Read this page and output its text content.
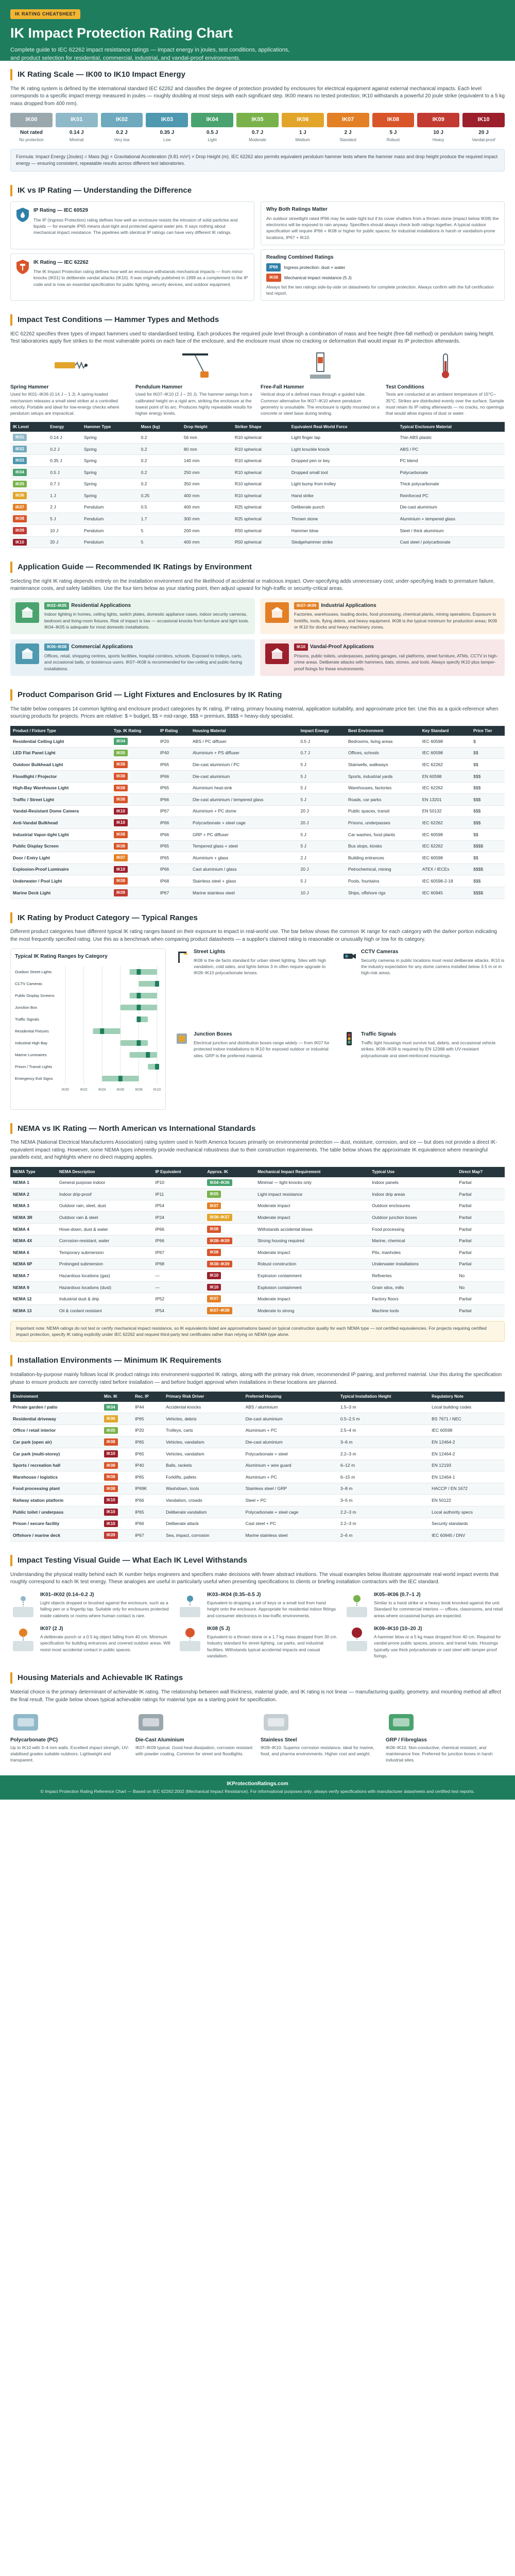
IK RATING CHEATSHEET
IK Impact Protection Rating Chart

Complete guide to IEC 62262 impact resistance ratings — impact energy in joules, test conditions, applications, and product selection for residential, commercial, industrial, and vandal-proof environments.

IK Rating Scale — IK00 to IK10 Impact Energy

The IK rating system is defined by the international standard IEC 62262 and classifies the degree of protection provided by enclosures for electrical equipment against external mechanical impacts. Each level corresponds to a specific impact energy measured in joules — roughly doubling at most steps with each significant step. IK00 means no tested protection; IK10 withstands a powerful 20 joule strike (equivalent to a 5 kg mass dropped from 400 mm).

IK00
Not rated
No protection
IK01
0.14 J
Minimal
IK02
0.2 J
Very low
IK03
0.35 J
Low
IK04
0.5 J
Light
IK05
0.7 J
Moderate
IK06
1 J
Medium
IK07
2 J
Standard
IK08
5 J
Robust
IK09
10 J
Heavy
IK10
20 J
Vandal-proof
Formula: Impact Energy (Joules) = Mass (kg) × Gravitational Acceleration (9.81 m/s²) × Drop Height (m). IEC 62262 also permits equivalent pendulum hammer tests where the hammer mass and drop height produce the required impact energy — ensuring consistent, repeatable results across different test laboratories.
IK vs IP Rating — Understanding the Difference
IP Rating — IEC 60529

The IP (Ingress Protection) rating defines how well an enclosure resists the intrusion of solid particles and liquids — for example IP65 means dust-tight and protected against water jets. It says nothing about mechanical impact resistance. The pipelines with identical IP ratings can have very different IK ratings.

IK Rating — IEC 62262

The IK Impact Protection rating defines how well an enclosure withstands mechanical impacts — from minor knocks (IK01) to deliberate vandal attacks (IK10). It was originally published in 1999 as a complement to the IP code and is now an essential specification for public lighting, security devices, and outdoor equipment.

Why Both Ratings Matter

An outdoor streetlight rated IP66 may be water-tight but if its cover shatters from a thrown stone (impact below IK08) the electronics will be exposed to rain anyway. Specifiers should always check both ratings together. A typical outdoor specification will require IP66 + IK08 or higher for public spaces; for industrial installations in harsh or vandalism-prone locations, IP67 + IK10.

Reading Combined Ratings
IP66	Ingress protection: dust + water
IK08	Mechanical impact resistance (5 J)

Always list the two ratings side-by-side on datasheets for complete protection. Always confirm with the full certification test report.

Impact Test Conditions — Hammer Types and Methods

IEC 62262 specifies three types of impact hammers used to standardised testing. Each produces the required joule level through a combination of mass and free height (free-fall method) or pendulum swing height. Test laboratories apply five strikes to the most vulnerable points on each face of the enclosure, and the enclosure must show no cracking or deformation that would impair its IP protection afterwards.

Spring Hammer

Used for IK01–IK06 (0.14 J – 1 J). A spring-loaded mechanism releases a small steel striker at a controlled velocity. Portable and ideal for low-energy checks where pendulum setups are impractical.

Pendulum Hammer

Used for IK07–IK10 (2 J – 20 J). The hammer swings from a calibrated height on a rigid arm, striking the enclosure at the lowest point of its arc. Produces highly repeatable results for higher energy levels.

Free-Fall Hammer

Vertical drop of a defined mass through a guided tube. Common alternative for IK07–IK10 where pendulum geometry is unsuitable. The enclosure is rigidly mounted on a concrete or steel base during testing.

Test Conditions

Tests are conducted at an ambient temperature of 15°C–35°C. Strikes are distributed evenly over the surface. Sample must retain its IP rating afterwards — no cracks, no openings that would allow ingress of dust or water.

IK Level	Energy	Hammer Type	Mass (kg)	Drop Height	Striker Shape	Equivalent Real-World Force	Typical Enclosure Material
IK01	0.14 J	Spring	0.2	56 mm	R10 spherical	Light finger tap	Thin ABS plastic
IK02	0.2 J	Spring	0.2	80 mm	R10 spherical	Light knuckle knock	ABS / PC
IK03	0.35 J	Spring	0.2	140 mm	R10 spherical	Dropped pen or key	PC blend
IK04	0.5 J	Spring	0.2	250 mm	R10 spherical	Dropped small tool	Polycarbonate
IK05	0.7 J	Spring	0.2	350 mm	R10 spherical	Light bump from trolley	Thick polycarbonate
IK06	1 J	Spring	0.25	400 mm	R10 spherical	Hand strike	Reinforced PC
IK07	2 J	Pendulum	0.5	400 mm	R25 spherical	Deliberate punch	Die-cast aluminium
IK08	5 J	Pendulum	1.7	300 mm	R25 spherical	Thrown stone	Aluminium + tempered glass
IK09	10 J	Pendulum	5	200 mm	R50 spherical	Hammer blow	Steel / thick aluminium
IK10	20 J	Pendulum	5	400 mm	R50 spherical	Sledgehammer strike	Cast steel / polycarbonate
Application Guide — Recommended IK Ratings by Environment

Selecting the right IK rating depends entirely on the installation environment and the likelihood of accidental or malicious impact. Over-specifying adds unnecessary cost; under-specifying leads to premature failure, maintenance costs, and safety liabilities. Use the four tiers below as your starting point, then adjust upward for high-traffic or security-critical areas.

IK02–IK05 Residential Applications

Indoor lighting in homes, ceiling lights, switch plates, domestic appliance cases, indoor security cameras, bedroom and living-room fixtures. Risk of impact is low — occasional knocks from furniture and light tools. IK04–IK05 is adequate for most domestic installations.

IK07–IK09 Industrial Applications

Factories, warehouses, loading docks, food processing, chemical plants, mining operations. Exposure to forklifts, tools, flying debris, and heavy equipment. IK08 is the typical minimum for production areas; IK09 or IK10 for docks and heavy machinery zones.

IK06–IK08 Commercial Applications

Offices, retail, shopping centres, sports facilities, hospital corridors, schools. Exposed to trolleys, carts, and occasional balls, or boisterous users. IK07–IK08 is recommended for low-ceiling and public-facing installations.

IK10 Vandal-Proof Applications

Prisons, public toilets, underpasses, parking garages, rail platforms, street furniture, ATMs, CCTV in high-crime areas. Deliberate attacks with hammers, bats, stones, and tools. Always specify IK10 plus tamper-proof fixings for these environments.

Product Comparison Grid — Light Fixtures and Enclosures by IK Rating

The table below compares 14 common lighting and enclosure product categories by IK rating, IP rating, primary housing material, application suitability, and approximate price tier. Use this as a quick-reference when sourcing products for projects. Prices are relative: $ = budget, $$ = mid-range, $$$ = premium, $$$$ = heavy-duty specialist.

Product / Fixture Type	Typ. IK Rating	IP Rating	Housing Material	Impact Energy	Best Environment	Key Standard	Price Tier
Residential Ceiling Light	IK04	IP20	ABS / PC diffuser	0.5 J	Bedrooms, living areas	IEC 60598	$
LED Flat Panel Light	IK05	IP40	Aluminium + PS diffuser	0.7 J	Offices, schools	IEC 60598	$$
Outdoor Bulkhead Light	IK08	IP65	Die-cast aluminium / PC	5 J	Stairwells, walkways	IEC 62262	$$
Floodlight / Projector	IK08	IP66	Die-cast aluminium	5 J	Sports, industrial yards	EN 60598	$$$
High-Bay Warehouse Light	IK08	IP65	Aluminium heat-sink	5 J	Warehouses, factories	IEC 62262	$$$
Traffic / Street Light	IK08	IP66	Die-cast aluminium / tempered glass	5 J	Roads, car parks	EN 13201	$$$
Vandal-Resistant Dome Camera	IK10	IP67	Aluminium + PC dome	20 J	Public spaces, transit	EN 50132	$$$
Anti-Vandal Bulkhead	IK10	IP66	Polycarbonate + steel cage	20 J	Prisons, underpasses	IEC 62262	$$$
Industrial Vapor-tight Light	IK08	IP66	GRP + PC diffuser	5 J	Car washes, food plants	IEC 60598	$$
Public Display Screen	IK08	IP65	Tempered glass + steel	5 J	Bus stops, kiosks	IEC 62262	$$$$
Door / Entry Light	IK07	IP65	Aluminium + glass	2 J	Building entrances	IEC 60598	$$
Explosion-Proof Luminaire	IK10	IP66	Cast aluminium / glass	20 J	Petrochemical, mining	ATEX / IECEx	$$$$
Underwater / Pool Light	IK08	IP68	Stainless steel + glass	5 J	Pools, fountains	IEC 60598-2-18	$$$
Marine Deck Light	IK09	IP67	Marine stainless steel	10 J	Ships, offshore rigs	IEC 60945	$$$$
IK Rating by Product Category — Typical Ranges

Different product categories have different typical IK rating ranges based on their exposure to impact in real-world use. The bar below shows the common IK range for each category with the darker portion indicating the most frequently specified rating. Use this as a benchmark when comparing product datasheets — a supplier's claimed rating is reasonable or unusually high or low for its category.

Typical IK Rating Ranges by Category
IK00	IK02	IK04	IK06	IK08	IK10
Outdoor Street Lights
CCTV Cameras
Public Display Screens
Junction Box
Traffic Signals
Residential Fixtures
Industrial High Bay
Marine Luminaires
Prison / Transit Lights
Emergency Exit Signs
Street Lights

IK08 is the de facto standard for urban street lighting. Sites with high vandalism, cold sides, and lights below 3 m often require upgrade to IK09–IK10 polycarbonate lenses.

CCTV Cameras

Security cameras in public locations must resist deliberate attacks. IK10 is the industry expectation for any dome camera installed below 3.5 m or in high-risk areas.

Junction Boxes

Electrical junction and distribution boxes range widely — from IK07 for protected indoor installations to IK10 for exposed outdoor or industrial sites. GRP is the preferred material.

Traffic Signals

Traffic light housings must survive hail, debris, and occasional vehicle strikes. IK08–IK09 is required by EN 12368 with UV-resistant polycarbonate and steel-reinforced mountings.

NEMA vs IK Rating — North American vs International Standards

The NEMA (National Electrical Manufacturers Association) rating system used in North America focuses primarily on environmental protection — dust, moisture, corrosion, and ice — but does not provide a direct IK-equivalent impact rating. However, some NEMA types inherently provide mechanical robustness due to their construction requirements. The table below shows the approximate IK equivalence where meaningful parallels exist, and highlights where no direct mapping applies.

NEMA Type	NEMA Description	IP Equivalent	Approx. IK	Mechanical Impact Requirement	Typical Use	Direct Map?
NEMA 1	General purpose indoor	IP10	IK04–IK06	Minimal — light knocks only	Indoor panels	Partial
NEMA 2	Indoor drip-proof	IP11	IK05	Light impact resistance	Indoor drip areas	Partial
NEMA 3	Outdoor rain, sleet, dust	IP54	IK07	Moderate impact	Outdoor enclosures	Partial
NEMA 3R	Outdoor rain & sleet	IP24	IK06–IK07	Moderate impact	Outdoor junction boxes	Partial
NEMA 4	Hose-down, dust & water	IP66	IK08	Withstands accidental blows	Food processing	Partial
NEMA 4X	Corrosion-resistant, water	IP66	IK08–IK09	Strong housing required	Marine, chemical	Partial
NEMA 6	Temporary submersion	IP67	IK08	Moderate impact	Pits, manholes	Partial
NEMA 6P	Prolonged submersion	IP68	IK08–IK09	Robust construction	Underwater installations	Partial
NEMA 7	Hazardous locations (gas)	—	IK10	Explosion containment	Refineries	No
NEMA 9	Hazardous locations (dust)	—	IK10	Explosion containment	Grain silos, mills	No
NEMA 12	Industrial dust & drip	IP52	IK07	Moderate impact	Factory floors	Partial
NEMA 13	Oil & coolant resistant	IP54	IK07–IK08	Moderate to strong	Machine tools	Partial
Important note: NEMA ratings do not test or certify mechanical impact resistance, so IK equivalents listed are approximations based on typical construction quality for each NEMA type — not certified equivalencies. For projects requiring certified impact protection, specify IK rating explicitly under IEC 62262 and request third-party test certificates rather than relying on NEMA type alone.
Installation Environments — Minimum IK Requirements

Installation-by-purpose mainly follows local IK product ratings into environment-supported IK ratings, along with the primary risk driver, recommended IP pairing, and preferred material. Use this during the specification phase to ensure products are correctly rated before installation — and before budget approval when installations in these locations are planned.

Environment	Min. IK	Rec. IP	Primary Risk Driver	Preferred Housing	Typical Installation Height	Regulatory Note
Private garden / patio	IK04	IP44	Accidental knocks	ABS / aluminium	1.5–3 m	Local building codes
Residential driveway	IK06	IP65	Vehicles, debris	Die-cast aluminium	0.5–2.5 m	BS 7671 / NEC
Office / retail interior	IK05	IP20	Trolleys, carts	Aluminium + PC	2.5–4 m	IEC 60598
Car park (open air)	IK08	IP65	Vehicles, vandalism	Die-cast aluminium	3–6 m	EN 12464-2
Car park (multi-storey)	IK10	IP65	Vehicles, vandalism	Polycarbonate + steel	2.2–3 m	EN 12464-2
Sports / recreation hall	IK08	IP40	Balls, rackets	Aluminium + wire guard	6–12 m	EN 12193
Warehouse / logistics	IK08	IP65	Forklifts, pallets	Aluminium + PC	6–15 m	EN 12464-1
Food processing plant	IK08	IP69K	Washdown, tools	Stainless steel / GRP	3–8 m	HACCP / EN 1672
Railway station platform	IK10	IP66	Vandalism, crowds	Steel + PC	3–5 m	EN 50122
Public toilet / underpass	IK10	IP65	Deliberate vandalism	Polycarbonate + steel cage	2.2–3 m	Local authority specs
Prison / secure facility	IK10	IP66	Deliberate attack	Cast steel + PC	2.2–3 m	Security standards
Offshore / marine deck	IK09	IP67	Sea, impact, corrosion	Marine stainless steel	2–6 m	IEC 60945 / DNV
Impact Testing Visual Guide — What Each IK Level Withstands

Understanding the physical reality behind each IK number helps engineers and specifiers make decisions with fewer abstract intuitions. The visual examples below illustrate approximate real-world impact events that roughly correspond to each IK test energy. These analogies are useful in particularly useful when presenting specifications to clients or briefing installation contractors with the IEC standard.

IK01–IK02 (0.14–0.2 J)

Light objects dropped or brushed against the enclosure, such as a falling pen or a fingertip tap. Suitable only for enclosures protected inside cabinets or rooms where human contact is rare.

IK03–IK04 (0.35–0.5 J)

Equivalent to dropping a set of keys or a small tool from hand height onto the enclosure. Appropriate for residential indoor fittings and consumer electronics in low-traffic environments.

IK05–IK06 (0.7–1 J)

Similar to a hand strike or a heavy book knocked against the unit. Standard for commercial interiors — offices, classrooms, and retail areas where occasional bumps are expected.

IK07 (2 J)

A deliberate punch or a 0.5 kg object falling from 40 cm. Minimum specification for building entrances and covered outdoor areas. Will resist most accidental contact in public spaces.

IK08 (5 J)

Equivalent to a thrown stone or a 1.7 kg mass dropped from 30 cm. Industry standard for street lighting, car parks, and industrial facilities. Withstands typical accidental impacts and casual vandalism.

IK09–IK10 (10–20 J)

A hammer blow or a 5 kg mass dropped from 40 cm. Required for vandal-prone public spaces, prisons, and transit hubs. Housings typically use thick polycarbonate or cast steel with tamper-proof fixings.

Housing Materials and Achievable IK Ratings

Material choice is the primary determinant of achievable IK rating. The relationship between wall thickness, material grade, and IK rating is not linear — manufacturing quality, geometry, and mounting method all affect the final result. The guide below shows typical achievable ratings for material type as a starting point for specification.

Polycarbonate (PC)

Up to IK10 with 3–4 mm walls. Excellent impact strength, UV-stabilised grades suitable outdoors. Lightweight and transparent.

Die-Cast Aluminium

IK07–IK09 typical. Good heat dissipation, corrosion resistant with powder coating. Common for street and floodlights.

Stainless Steel

IK09–IK10. Superior corrosion resistance, ideal for marine, food, and pharma environments. Higher cost and weight.

GRP / Fibreglass

IK08–IK10. Non-conductive, chemical resistant, and maintenance free. Preferred for junction boxes in harsh industrial sites.

IKProtectionRatings.com
© Impact Protection Rating Reference Chart — Based on IEC 62262:2002 (Mechanical Impact Resistance). For informational purposes only; always verify specifications with manufacturer datasheets and certified test reports.
